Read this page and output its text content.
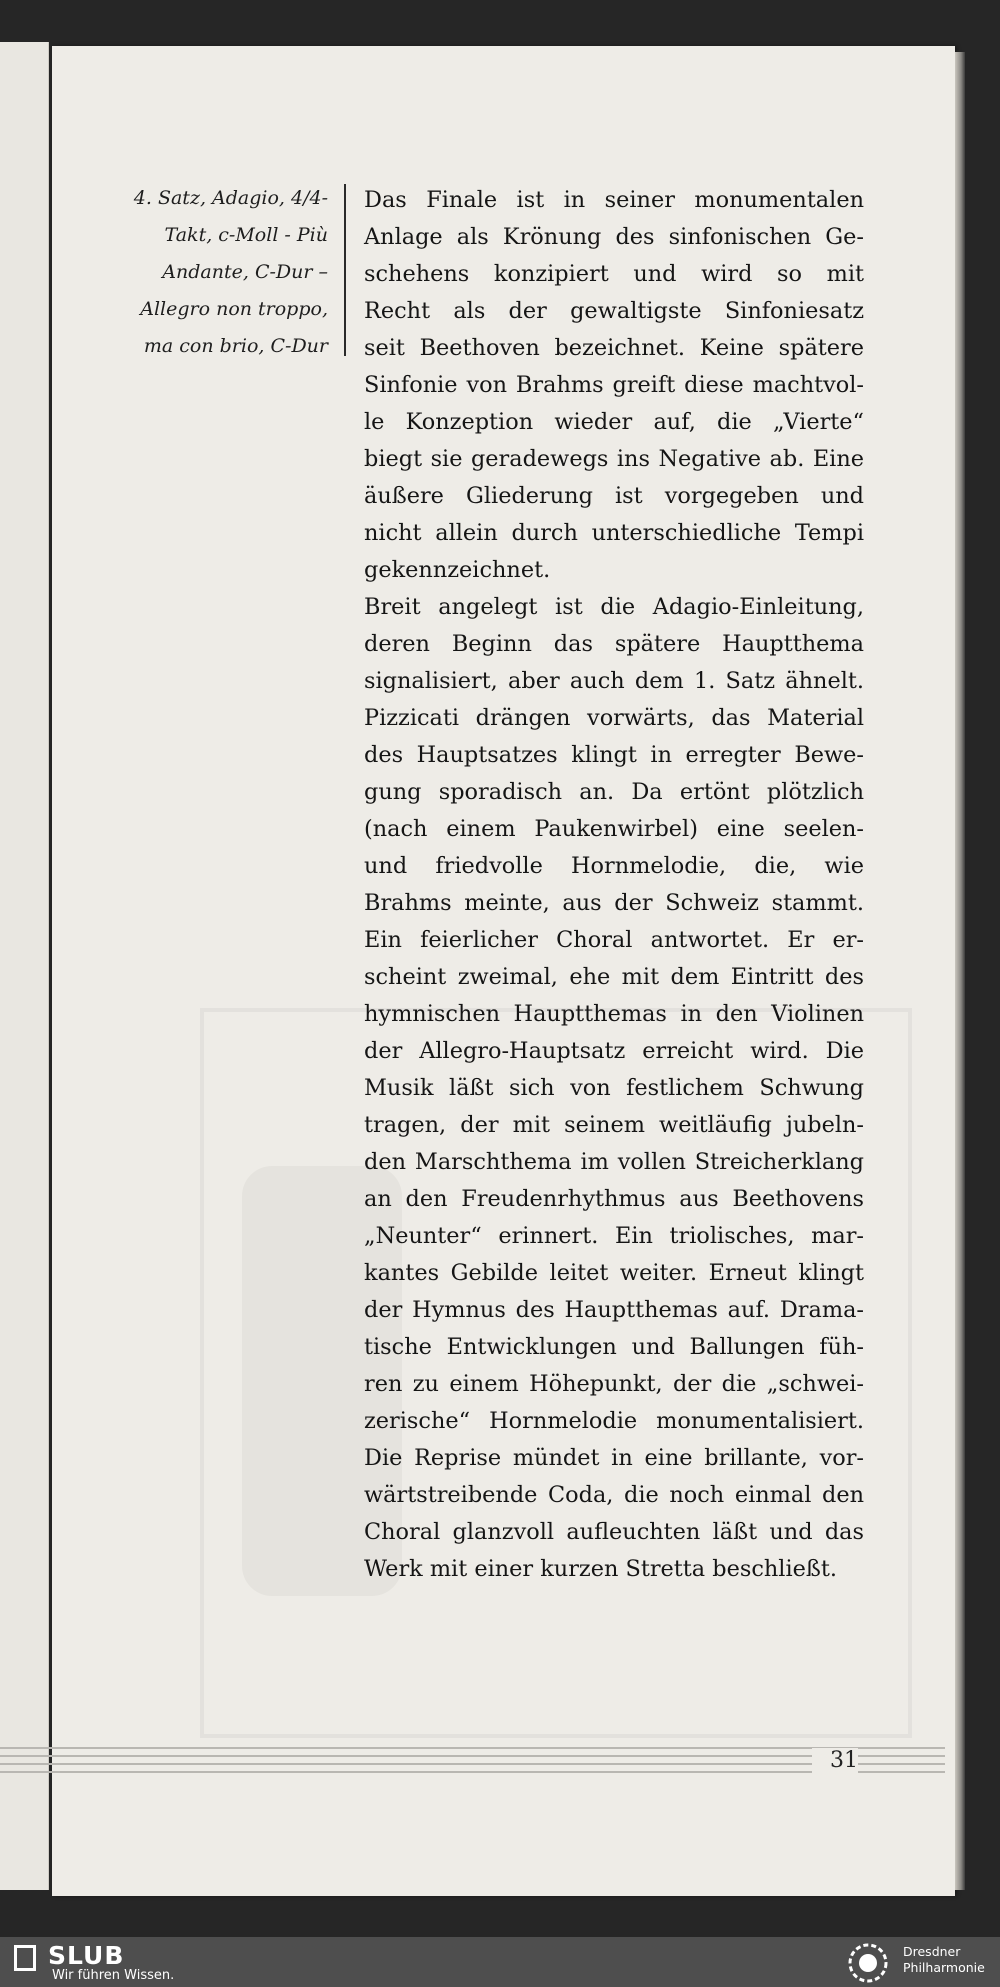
4. Satz, Adagio, 4/4-
Takt, c-Moll - Più
Andante, C-Dur –
Allegro non troppo,
ma con brio, C-Dur
Das Finale ist in seiner monumentalen
Anlage als Krönung des sinfonischen Ge-
schehens konzipiert und wird so mit
Recht als der gewaltigste Sinfoniesatz
seit Beethoven bezeichnet. Keine spätere
Sinfonie von Brahms greift diese machtvol-
le Konzeption wieder auf, die „Vierte“
biegt sie geradewegs ins Negative ab. Eine
äußere Gliederung ist vorgegeben und
nicht allein durch unterschiedliche Tempi
gekennzeichnet.
Breit angelegt ist die Adagio-Einleitung,
deren Beginn das spätere Hauptthema
signalisiert, aber auch dem 1. Satz ähnelt.
Pizzicati drängen vorwärts, das Material
des Hauptsatzes klingt in erregter Bewe-
gung sporadisch an. Da ertönt plötzlich
(nach einem Paukenwirbel) eine seelen-
und friedvolle Hornmelodie, die, wie
Brahms meinte, aus der Schweiz stammt.
Ein feierlicher Choral antwortet. Er er-
scheint zweimal, ehe mit dem Eintritt des
hymnischen Hauptthemas in den Violinen
der Allegro-Hauptsatz erreicht wird. Die
Musik läßt sich von festlichem Schwung
tragen, der mit seinem weitläufig jubeln-
den Marschthema im vollen Streicherklang
an den Freudenrhythmus aus Beethovens
„Neunter“ erinnert. Ein triolisches, mar-
kantes Gebilde leitet weiter. Erneut klingt
der Hymnus des Hauptthemas auf. Drama-
tische Entwicklungen und Ballungen füh-
ren zu einem Höhepunkt, der die „schwei-
zerische“ Hornmelodie monumentalisiert.
Die Reprise mündet in eine brillante, vor-
wärtstreibende Coda, die noch einmal den
Choral glanzvoll aufleuchten läßt und das
Werk mit einer kurzen Stretta beschließt.
31
SLUB
Wir führen Wissen.
Dresdner
Philharmonie
